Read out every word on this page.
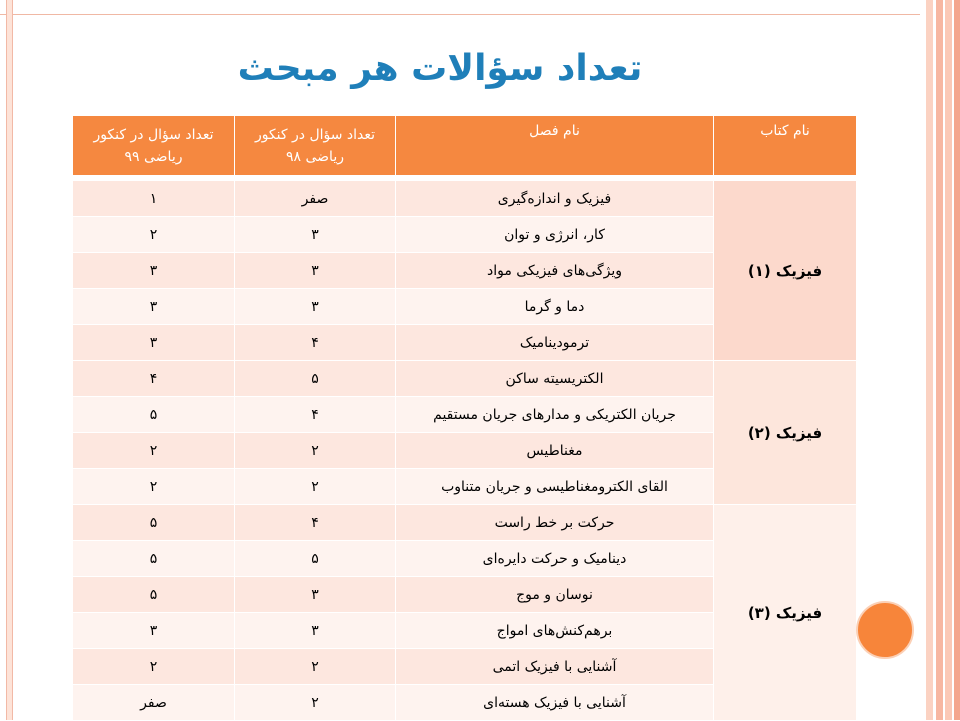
تعداد سؤالات هر مبحث
نام کتاب	نام فصل	تعداد سؤال در کنکور ریاضی ۹۸	تعداد سؤال در کنکور ریاضی ۹۹

فیزیک (۱)	فیزیک و اندازه‌گیری	صفر	۱
	کار، انرژی و توان	۳	۲
	ویژگی‌های فیزیکی مواد	۳	۳
	دما و گرما	۳	۳
	ترمودینامیک	۴	۳
فیزیک (۲)	الکتریسیته ساکن	۵	۴
	جریان الکتریکی و مدارهای جریان مستقیم	۴	۵
	مغناطیس	۲	۲
	القای الکترومغناطیسی و جریان متناوب	۲	۲
فیزیک (۳)	حرکت بر خط راست	۴	۵
	دینامیک و حرکت دایره‌ای	۵	۵
	نوسان و موج	۳	۵
	برهم‌کنش‌های امواج	۳	۳
	آشنایی با فیزیک اتمی	۲	۲
	آشنایی با فیزیک هسته‌ای	۲	صفر
